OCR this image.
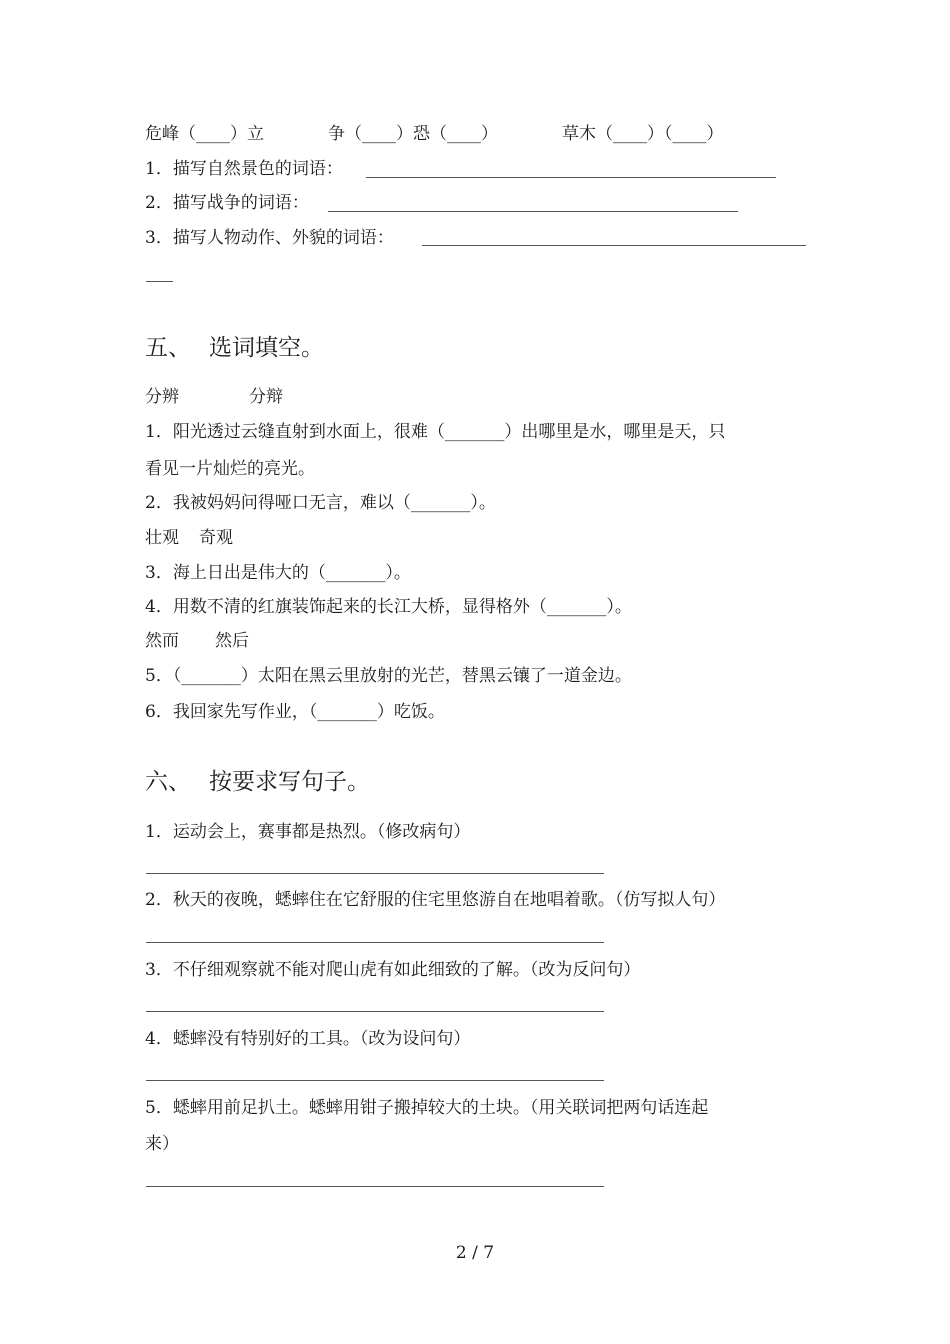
危峰（____）立	争（____）恐（____）	草木（____）（____）
1．描写自然景色的词语：
2．描写战争的词语：
3．描写人物动作、外貌的词语：
五、 选词填空。
分辨	分辩
1．阳光透过云缝直射到水面上，很难（_______）出哪里是水，哪里是天，只
看见一片灿烂的亮光。
2．我被妈妈问得哑口无言，难以（_______）。
壮观 奇观
3．海上日出是伟大的（_______）。
4．用数不清的红旗装饰起来的长江大桥，显得格外（_______）。
然而 然后
5．（_______）太阳在黑云里放射的光芒，替黑云镶了一道金边。
6．我回家先写作业，（_______）吃饭。
六、 按要求写句子。
1．运动会上，赛事都是热烈。（修改病句）
2．秋天的夜晚，蟋蟀住在它舒服的住宅里悠游自在地唱着歌。（仿写拟人句）
3．不仔细观察就不能对爬山虎有如此细致的了解。（改为反问句）
4．蟋蟀没有特别好的工具。（改为设问句）
5．蟋蟀用前足扒土。蟋蟀用钳子搬掉较大的土块。（用关联词把两句话连起
来）
2 / 7
